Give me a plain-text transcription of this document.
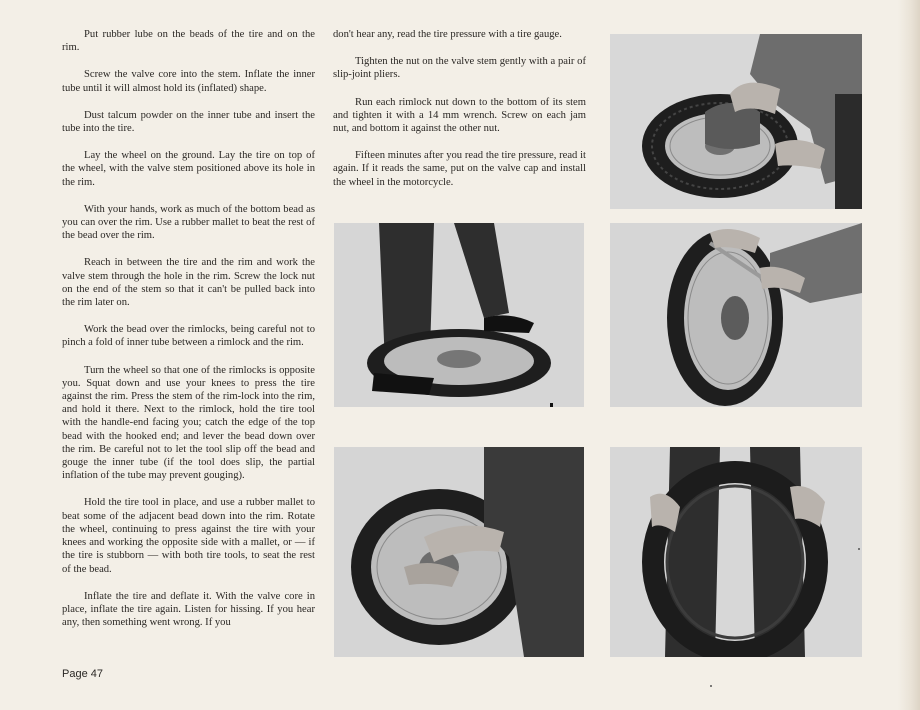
Put rubber lube on the beads of the tire and on the rim.

Screw the valve core into the stem. Inflate the inner tube until it will almost hold its (inflated) shape.

Dust talcum powder on the inner tube and insert the tube into the tire.

Lay the wheel on the ground. Lay the tire on top of the wheel, with the valve stem positioned above its hole in the rim.

With your hands, work as much of the bottom bead as you can over the rim. Use a rubber mallet to beat the rest of the bead over the rim.

Reach in between the tire and the rim and work the valve stem through the hole in the rim. Screw the lock nut on the end of the stem so that it can't be pulled back into the rim later on.

Work the bead over the rimlocks, being careful not to pinch a fold of inner tube between a rimlock and the rim.

Turn the wheel so that one of the rimlocks is opposite you. Squat down and use your knees to press the tire against the rim. Press the stem of the rim-lock into the rim, and hold it there. Next to the rimlock, hold the tire tool with the handle-end facing you; catch the edge of the top bead with the hooked end; and lever the bead down over the rim. Be careful not to let the tool slip off the bead and gouge the inner tube (if the tool does slip, the partial inflation of the tube may prevent gouging).

Hold the tire tool in place, and use a rubber mallet to beat some of the adjacent bead down into the rim. Rotate the wheel, continuing to press against the tire with your knees and working the opposite side with a mallet, or — if the tire is stubborn — with both tire tools, to seat the rest of the bead.

Inflate the tire and deflate it. With the valve core in place, inflate the tire again. Listen for hissing. If you hear any, then something went wrong. If you

don't hear any, read the tire pressure with a tire gauge.

Tighten the nut on the valve stem gently with a pair of slip-joint pliers.

Run each rimlock nut down to the bottom of its stem and tighten it with a 14 mm wrench. Screw on each jam nut, and bottom it against the other nut.

Fifteen minutes after you read the tire pressure, read it again. If it reads the same, put on the valve cap and install the wheel in the motorcycle.

Page 47
